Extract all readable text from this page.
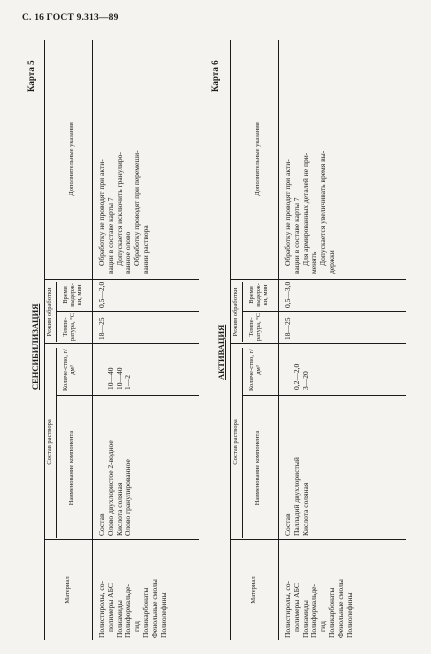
С. 16 ГОСТ 9.313—89
Карта 5
СЕНСИБИЛИЗАЦИЯ
Материал
Состав раствора Наименование компонента
Количе-ство, г/дм³
Режим обработки Темпе-ратура, °С
Время выдерж-ки, мин
Дополнительные указания
Полистиролы, со- полимеры АБС Полиамиды Полиформальде- гид Поликарбонаты Фенольные смолы Полиолефины
Состав Олово двухлористое 2-водное Кислота соляная Олово гранулированное
10—40 10—40 1—2
18—25
0,5—2,0
Обработку не проводят при акти- вации в составе карты 7 Допускается исключить гранулиро- ванное олово Обработку проводят при перемеши- вании раствора
Карта 6
АКТИВАЦИЯ
Материал
Состав раствора Наименование компонента
Количе-ство, г/дм³
Режим обработки Темпе-ратура, °С
Время выдерж-ки, мин
Дополнительные указания
Полистиролы, со- полимеры АБС Полиамиды Полиформальде- гид Поликарбонаты Фенольные смолы Полиолефины
Состав Палладий двухлористый Кислота соляная
0,2—2,0 3—20
18—25
0,5—3,0
Обработку не проводят при акти- вации в составе карты 7 Для армированных деталей не при- менять Допускается увеличивать время вы- держки
